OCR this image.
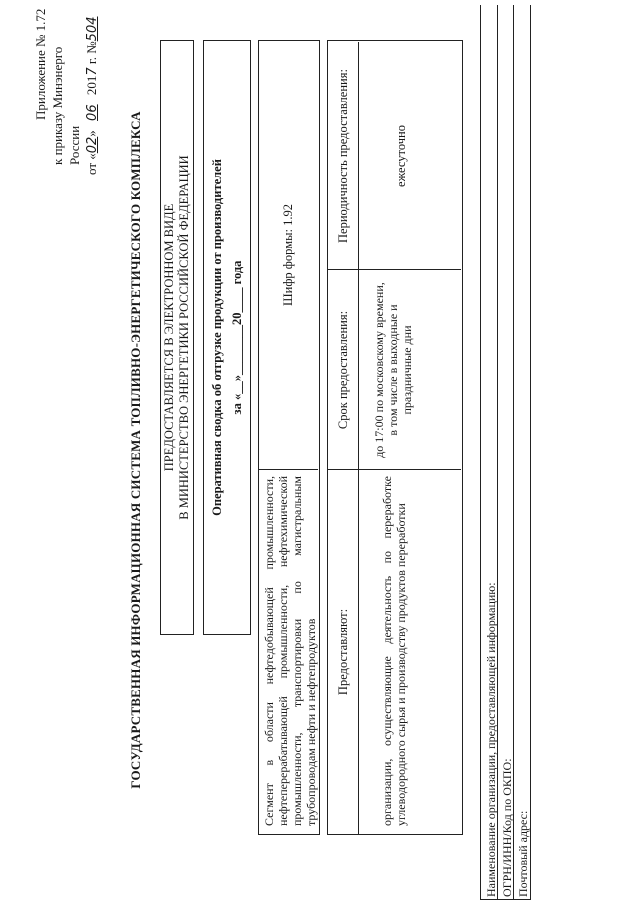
Приложение № 1.72 к приказу Минэнерго России от «02» 06 2017 г. №504
ГОСУДАРСТВЕННАЯ ИНФОРМАЦИОННАЯ СИСТЕМА ТОПЛИВНО-ЭНЕРГЕТИЧЕСКОГО КОМПЛЕКСА ПРЕДОСТАВЛЯЕТСЯ В ЭЛЕКТРОННОМ ВИДЕ В МИНИСТЕРСТВО ЭНЕРГЕТИКИ РОССИЙСКОЙ ФЕДЕРАЦИИ	Оперативная сводка об отгрузке продукции от производителей за «__»________20____ года
Сегмент в области нефтедобывающей промышленности, нефтеперерабатывающей промышленности, нефтехимической промышленности, транспортировки по магистральным трубопроводам нефти и нефтепродуктов
Шифр формы: 1.92
Предоставляют:
Срок предоставления:
Периодичность предоставления:
организации, осуществляющие деятельность по переработке углеводородного сырья и производству продуктов переработки
до 17:00 по московскому времени, в том числе в выходные и праздничные дни
ежесуточно
Наименование организации, предоставляющей информацию: ОГРН/ИНН/Код по ОКПО: Почтовый адрес:
